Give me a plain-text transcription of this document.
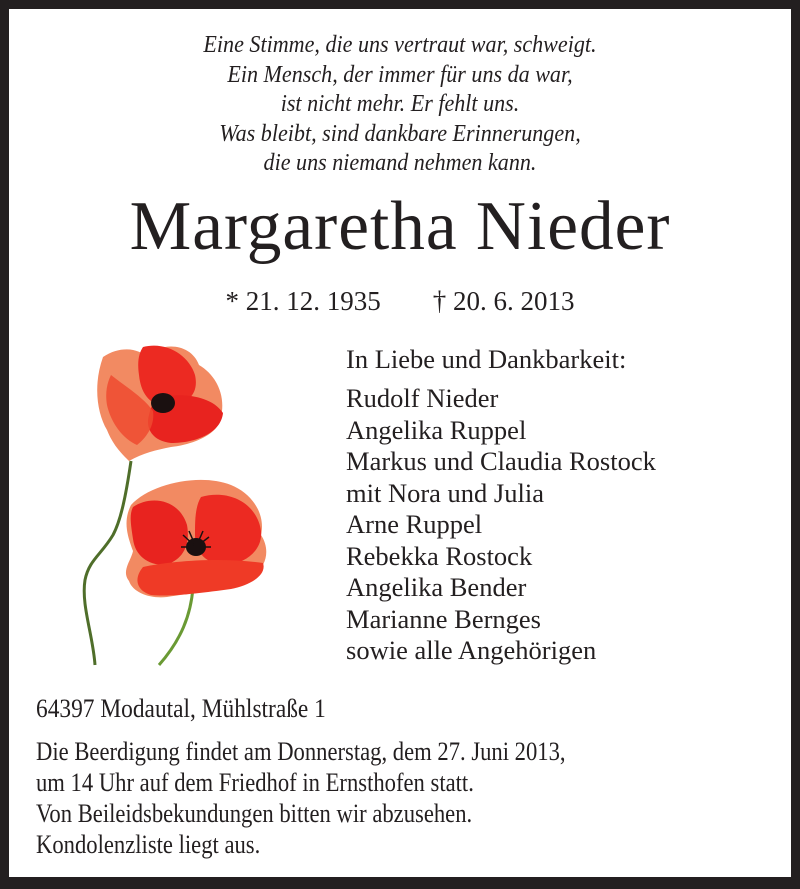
Eine Stimme, die uns vertraut war, schweigt.
Ein Mensch, der immer für uns da war,
ist nicht mehr. Er fehlt uns.
Was bleibt, sind dankbare Erinnerungen,
die uns niemand nehmen kann.
Margaretha Nieder
* 21. 12. 1935 † 20. 6. 2013
In Liebe und Dankbarkeit:
Rudolf Nieder
Angelika Ruppel
Markus und Claudia Rostock
mit Nora und Julia
Arne Ruppel
Rebekka Rostock
Angelika Bender
Marianne Bernges
sowie alle Angehörigen
64397 Modautal, Mühlstraße 1
Die Beerdigung findet am Donnerstag, dem 27. Juni 2013,
um 14 Uhr auf dem Friedhof in Ernsthofen statt.
Von Beileidsbekundungen bitten wir abzusehen.
Kondolenzliste liegt aus.
